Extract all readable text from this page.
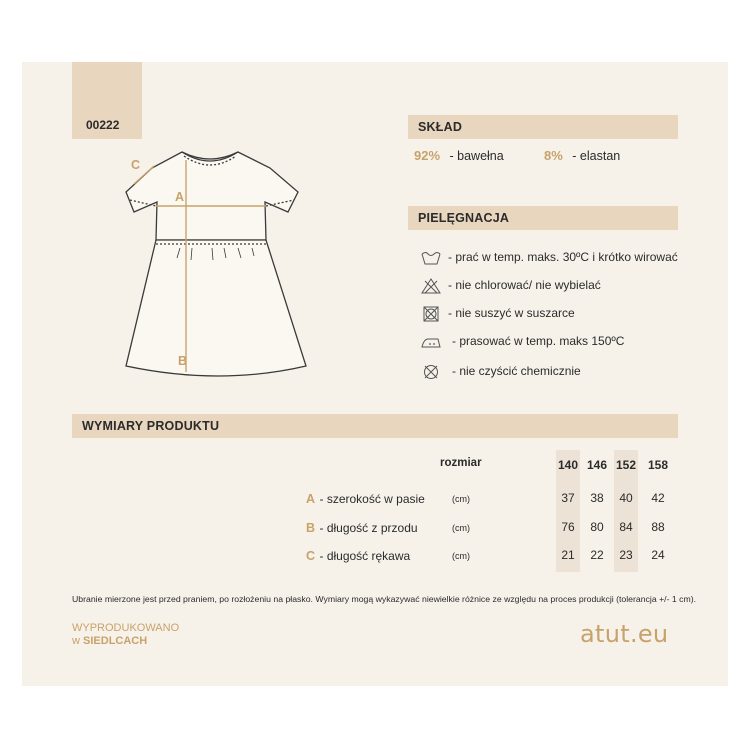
00222
A
B
C
SKŁAD
92% - bawełna	8% - elastan
PIELĘGNACJA
- prać w temp. maks. 30ºC i krótko wirować
- nie chlorować/ nie wybielać
- nie suszyć w suszarce
- prasować w temp. maks 150ºC
- nie czyścić chemicznie
WYMIARY PRODUKTU
rozmiar	140 146 152 158
A - szerokość w pasie	(cm)	37	38	40	42
B - długość z przodu	(cm)	76	80	84	88
C - długość rękawa	(cm)	21	22	23	24
Ubranie mierzone jest przed praniem, po rozłożeniu na płasko. Wymiary mogą wykazywać niewielkie różnice ze względu na proces produkcji (tolerancja +/- 1 cm).
WYPRODUKOWANO
w SIEDLCACH	atut.eu
